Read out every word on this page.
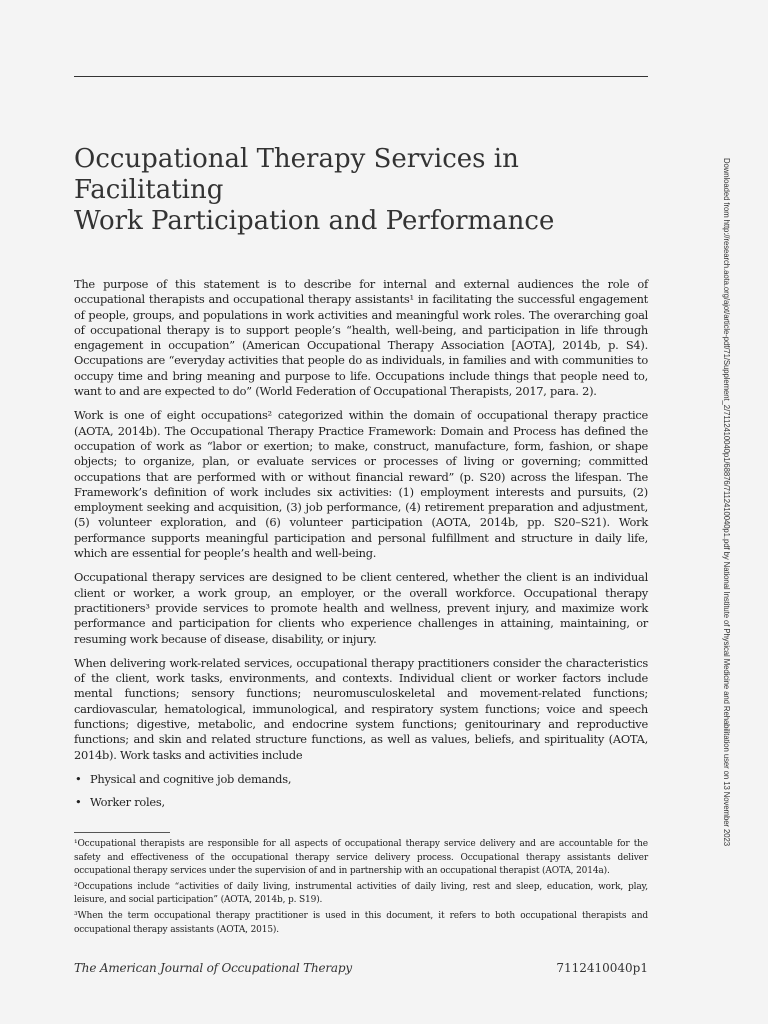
Occupational Therapy Services in Facilitating
Work Participation and Performance	Downloaded from http://research.aota.org/ajot/article-pdf/71/Supplement_2/7112410040p1/68876/7112410040p1.pdf by National Institute of Physical Medicine and Rehabilitation user on 13 November 2023

The purpose of this statement is to describe for internal and external audiences the role of occupational therapists and occupational therapy assistants¹ in facilitating the successful engagement of people, groups, and populations in work activities and meaningful work roles. The overarching goal of occupational therapy is to support people’s “health, well-being, and participation in life through engagement in occupation” (American Occupational Therapy Association [AOTA], 2014b, p. S4). Occupations are “everyday activities that people do as individuals, in families and with communities to occupy time and bring meaning and purpose to life. Occupations include things that people need to, want to and are expected to do” (World Federation of Occupational Therapists, 2017, para. 2).

Work is one of eight occupations² categorized within the domain of occupational therapy practice (AOTA, 2014b). The Occupational Therapy Practice Framework: Domain and Process has defined the occupation of work as “labor or exertion; to make, construct, manufacture, form, fashion, or shape objects; to organize, plan, or evaluate services or processes of living or governing; committed occupations that are performed with or without financial reward” (p. S20) across the lifespan. The Framework’s definition of work includes six activities: (1) employment interests and pursuits, (2) employment seeking and acquisition, (3) job performance, (4) retirement preparation and adjustment, (5) volunteer exploration, and (6) volunteer participation (AOTA, 2014b, pp. S20–S21). Work performance supports meaningful participation and personal fulfillment and structure in daily life, which are essential for people’s health and well-being.

Occupational therapy services are designed to be client centered, whether the client is an individual client or worker, a work group, an employer, or the overall workforce. Occupational therapy practitioners³ provide services to promote health and wellness, prevent injury, and maximize work performance and participation for clients who experience challenges in attaining, maintaining, or resuming work because of disease, disability, or injury.

When delivering work-related services, occupational therapy practitioners consider the characteristics of the client, work tasks, environments, and contexts. Individual client or worker factors include mental functions; sensory functions; neuromusculoskeletal and movement-related functions; cardiovascular, hematological, immunological, and respiratory system functions; voice and speech functions; digestive, metabolic, and endocrine system functions; genitourinary and reproductive functions; and skin and related structure functions, as well as values, beliefs, and spirituality (AOTA, 2014b). Work tasks and activities include

• Physical and cognitive job demands,
• Worker roles,

¹Occupational therapists are responsible for all aspects of occupational therapy service delivery and are accountable for the safety and effectiveness of the occupational therapy service delivery process. Occupational therapy assistants deliver occupational therapy services under the supervision of and in partnership with an occupational therapist (AOTA, 2014a).

²Occupations include “activities of daily living, instrumental activities of daily living, rest and sleep, education, work, play, leisure, and social participation” (AOTA, 2014b, p. S19).

³When the term occupational therapy practitioner is used in this document, it refers to both occupational therapists and occupational therapy assistants (AOTA, 2015).

The American Journal of Occupational Therapy	7112410040p1
